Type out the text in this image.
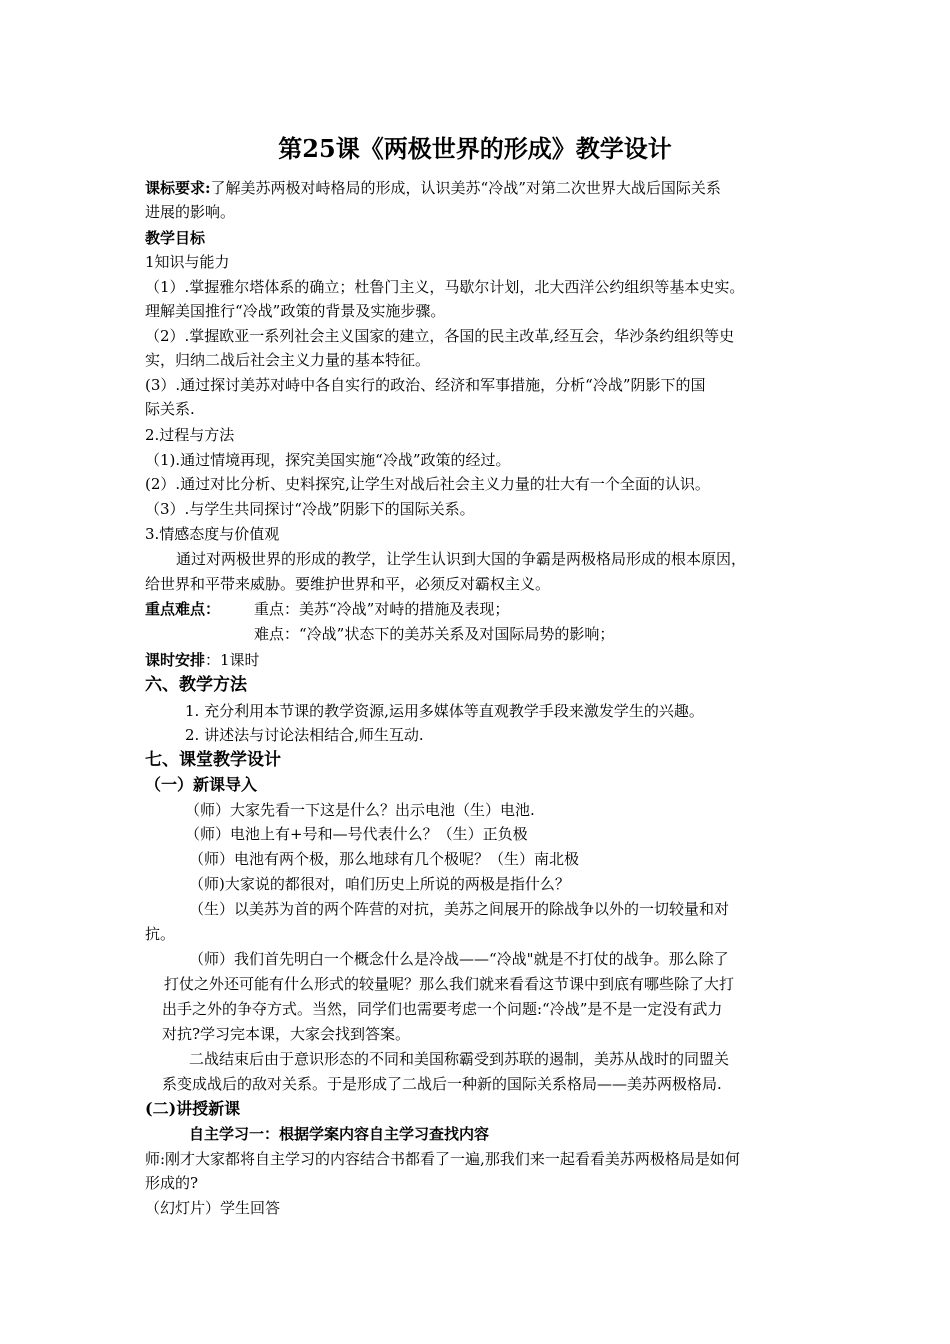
第25课《两极世界的形成》教学设计
课标要求:了解美苏两极对峙格局的形成，认识美苏“冷战”对第二次世界大战后国际关系
进展的影响。
教学目标
1知识与能力
（1）.掌握雅尔塔体系的确立；杜鲁门主义，马歇尔计划，北大西洋公约组织等基本史实。
理解美国推行“冷战”政策的背景及实施步骤。
（2）.掌握欧亚一系列社会主义国家的建立，各国的民主改革,经互会，华沙条约组织等史
实，归纳二战后社会主义力量的基本特征。
(3）.通过探讨美苏对峙中各自实行的政治、经济和军事措施，分析“冷战”阴影下的国
际关系.
2.过程与方法
（1).通过情境再现，探究美国实施“冷战”政策的经过。
(2）.通过对比分析、史料探究,让学生对战后社会主义力量的壮大有一个全面的认识。
（3）.与学生共同探讨“冷战”阴影下的国际关系。
3.情感态度与价值观
通过对两极世界的形成的教学，让学生认识到大国的争霸是两极格局形成的根本原因，
给世界和平带来威胁。要维护世界和平，必须反对霸权主义。
重点难点： 重点：美苏“冷战”对峙的措施及表现；
难点：“冷战”状态下的美苏关系及对国际局势的影响；
课时安排：1课时
六、教学方法
1. 充分利用本节课的教学资源,运用多媒体等直观教学手段来激发学生的兴趣。
2. 讲述法与讨论法相结合,师生互动.
七、课堂教学设计
（一）新课导入
（师）大家先看一下这是什么？出示电池（生）电池.
（师）电池上有+号和—号代表什么？（生）正负极
（师）电池有两个极，那么地球有几个极呢？（生）南北极
（师)大家说的都很对，咱们历史上所说的两极是指什么？
（生）以美苏为首的两个阵营的对抗，美苏之间展开的除战争以外的一切较量和对
抗。
（师）我们首先明白一个概念什么是冷战——“冷战"就是不打仗的战争。那么除了
打仗之外还可能有什么形式的较量呢？那么我们就来看看这节课中到底有哪些除了大打
出手之外的争夺方式。当然，同学们也需要考虑一个问题:“冷战”是不是一定没有武力
对抗?学习完本课，大家会找到答案。
二战结束后由于意识形态的不同和美国称霸受到苏联的遏制，美苏从战时的同盟关
系变成战后的敌对关系。于是形成了二战后一种新的国际关系格局——美苏两极格局.
(二)讲授新课
自主学习一：根据学案内容自主学习查找内容
师:刚才大家都将自主学习的内容结合书都看了一遍,那我们来一起看看美苏两极格局是如何
形成的?
（幻灯片）学生回答
